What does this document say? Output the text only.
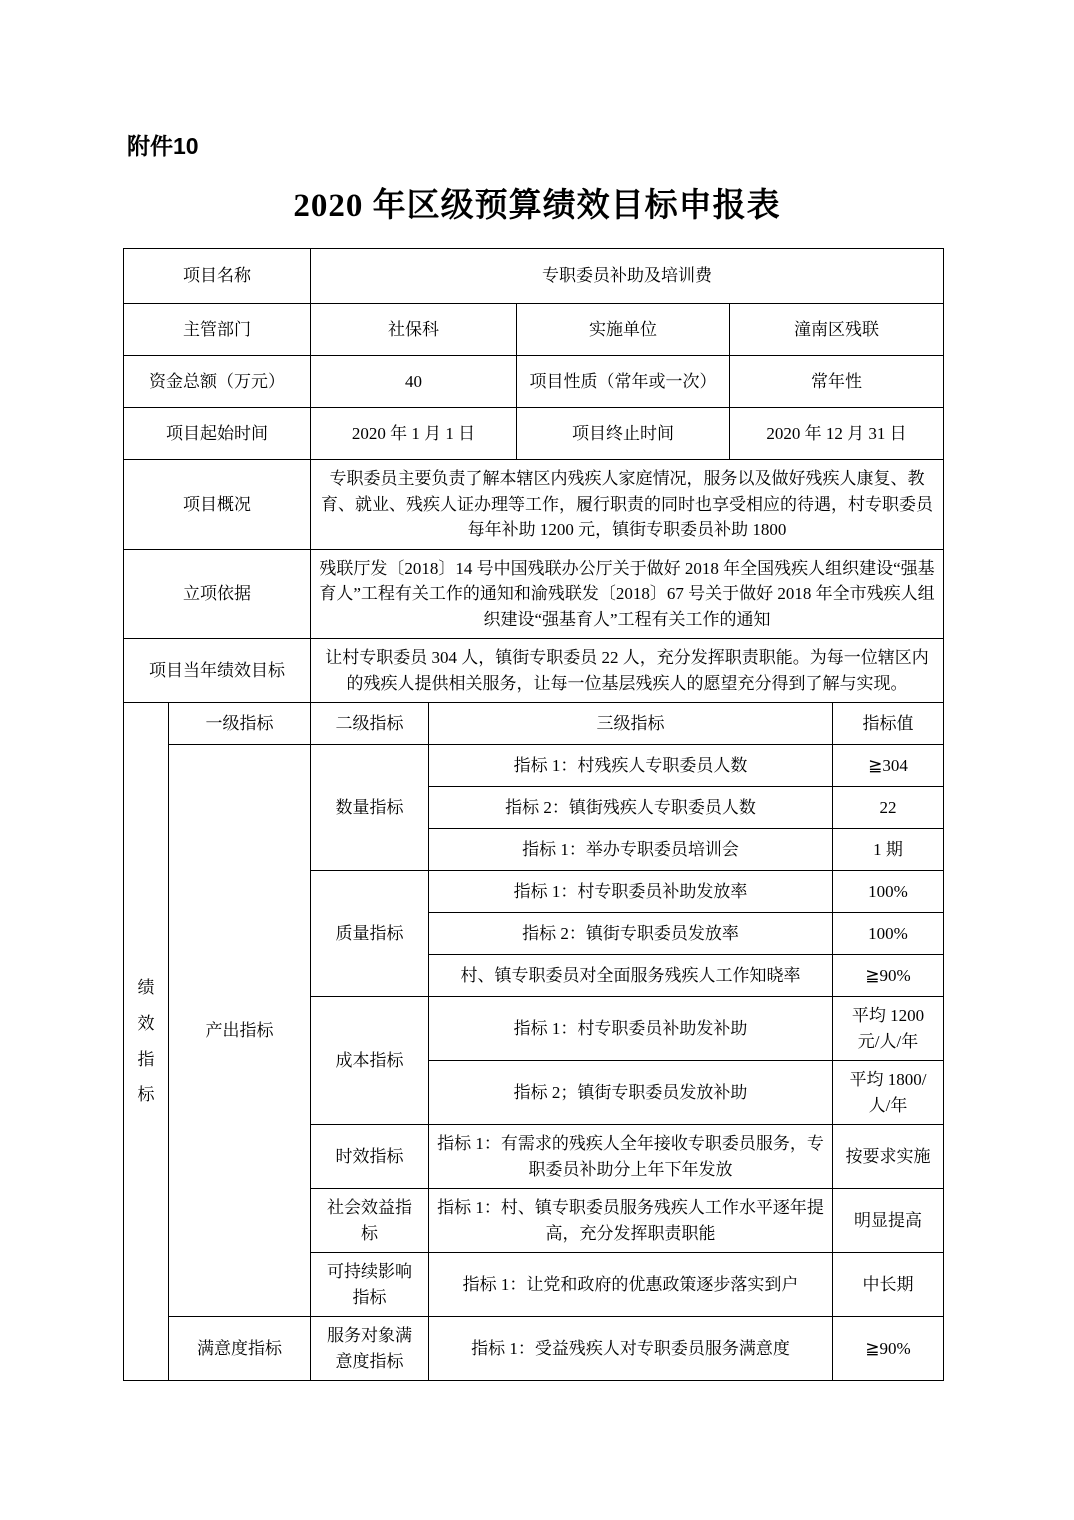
附件10
2020 年区级预算绩效目标申报表
项目名称	专职委员补助及培训费		
主管部门	社保科	实施单位	潼南区残联
资金总额（万元）	40	项目性质（常年或一次）	常年性
项目起始时间	2020 年 1 月 1 日	项目终止时间	2020 年 12 月 31 日
项目概况	专职委员主要负责了解本辖区内残疾人家庭情况，服务以及做好残疾人康复、教育、就业、残疾人证办理等工作，履行职责的同时也享受相应的待遇，村专职委员每年补助 1200 元，镇街专职委员补助 1800		
立项依据	残联厅发〔2018〕14 号中国残联办公厅关于做好 2018 年全国残疾人组织建设“强基育人”工程有关工作的通知和渝残联发〔2018〕67 号关于做好 2018 年全市残疾人组织建设“强基育人”工程有关工作的通知		
项目当年绩效目标	让村专职委员 304 人，镇街专职委员 22 人，充分发挥职责职能。为每一位辖区内的残疾人提供相关服务，让每一位基层残疾人的愿望充分得到了解与实现。		
绩效指标	一级指标	二级指标	三级指标	指标值
	产出指标	数量指标	指标 1：村残疾人专职委员人数	≧304
			指标 2：镇街残疾人专职委员人数	22
			指标 1：举办专职委员培训会	1 期
		质量指标	指标 1：村专职委员补助发放率	100%
			指标 2：镇街专职委员发放率	100%
			村、镇专职委员对全面服务残疾人工作知晓率	≧90%
		成本指标	指标 1：村专职委员补助发补助	平均 1200 元/人/年
			指标 2；镇街专职委员发放补助	平均 1800/人/年
		时效指标	指标 1：有需求的残疾人全年接收专职委员服务，专职委员补助分上年下年发放	按要求实施
		社会效益指标	指标 1：村、镇专职委员服务残疾人工作水平逐年提高，充分发挥职责职能	明显提高
		可持续影响指标	指标 1：让党和政府的优惠政策逐步落实到户	中长期
	满意度指标	服务对象满意度指标	指标 1：受益残疾人对专职委员服务满意度	≧90%
